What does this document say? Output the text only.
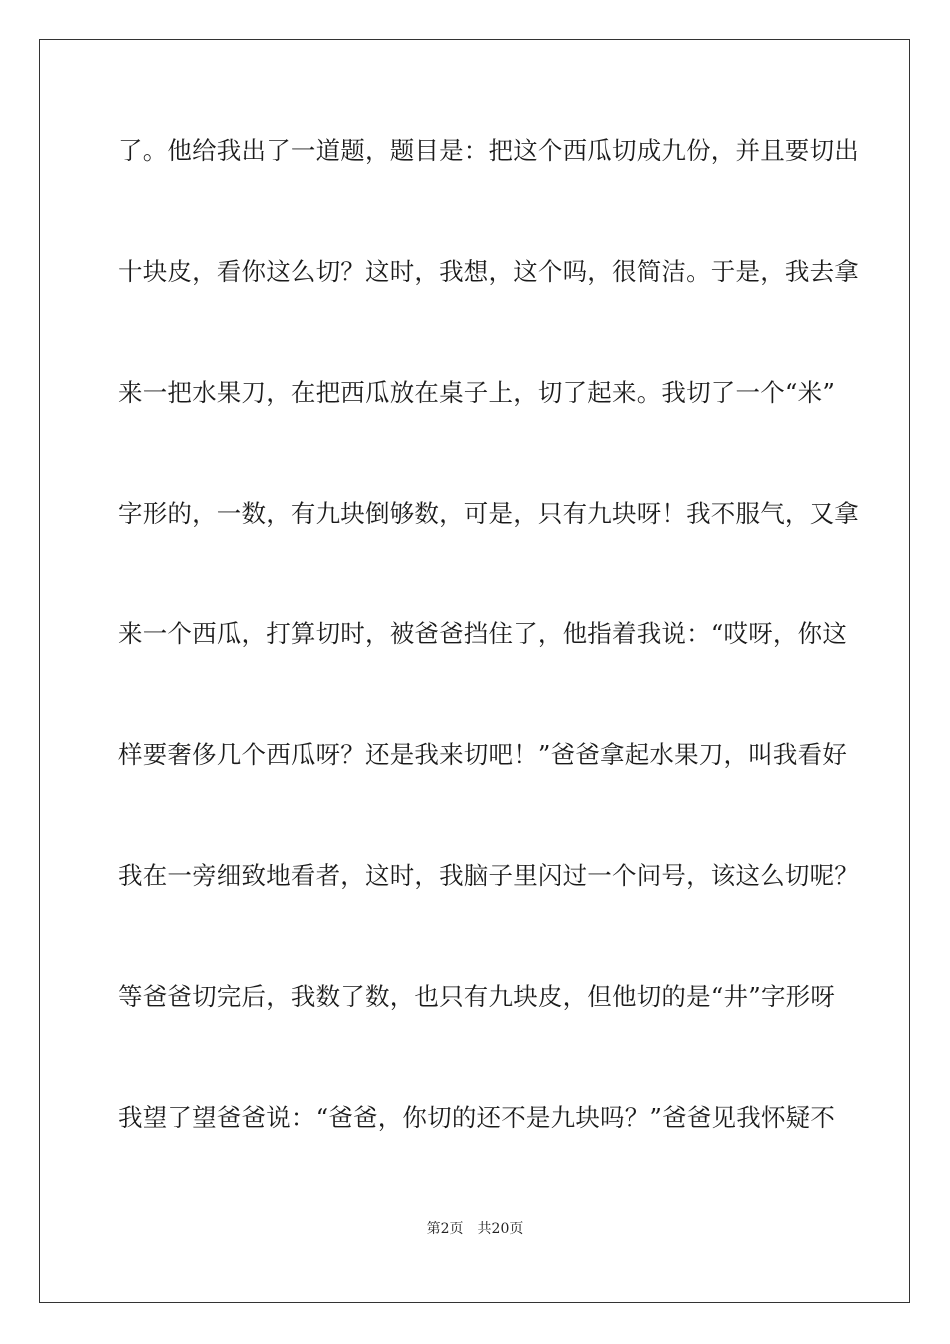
了。他给我出了一道题，题目是：把这个西瓜切成九份，并且要切出
十块皮，看你这么切？这时，我想，这个吗，很简洁。于是，我去拿
来一把水果刀，在把西瓜放在桌子上，切了起来。我切了一个“米”
字形的，一数，有九块倒够数，可是，只有九块呀！我不服气，又拿
来一个西瓜，打算切时，被爸爸挡住了，他指着我说：“哎呀，你这
样要奢侈几个西瓜呀？还是我来切吧！”爸爸拿起水果刀，叫我看好
我在一旁细致地看者，这时，我脑子里闪过一个问号，该这么切呢？
等爸爸切完后，我数了数，也只有九块皮，但他切的是“井”字形呀
我望了望爸爸说：“爸爸，你切的还不是九块吗？”爸爸见我怀疑不
第2页 共20页
